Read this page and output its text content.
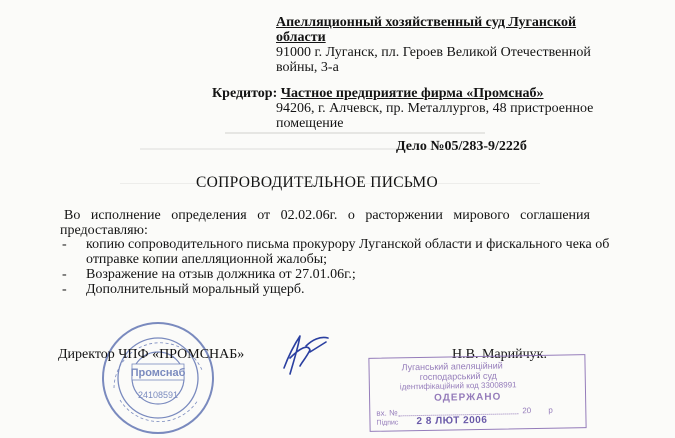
Апелляционный хозяйственный суд Луганской
области
91000 г. Луганск, пл. Героев Великой Отечественной
войны, 3-а
Кредитор: Частное предприятие фирма «Промснаб»
94206, г. Алчевск, пр. Металлургов, 48 пристроенное
помещение
Дело №05/283-9/222б
СОПРОВОДИТЕЛЬНОЕ ПИСЬМО
Во   исполнение   определения   от   02.02.06г.   о   расторжении   мирового   соглашения
предоставляю:
- копию сопроводительного письма прокурору Луганской области и фискального чека об
отправке копии апелляционной жалобы;
- Возражение на отзыв должника от 27.01.06г.;
- Дополнительный моральный ущерб.
Промснаб
24108591
Директор ЧПФ «ПРОМСНАБ»	Н.В. Марийчук.
Луганський апеляційний
господарський суд
ідентифікаційний код 33008991
ОДЕРЖАНО
вх. №	20 р
Підпис 2 8 ЛЮТ 2006
